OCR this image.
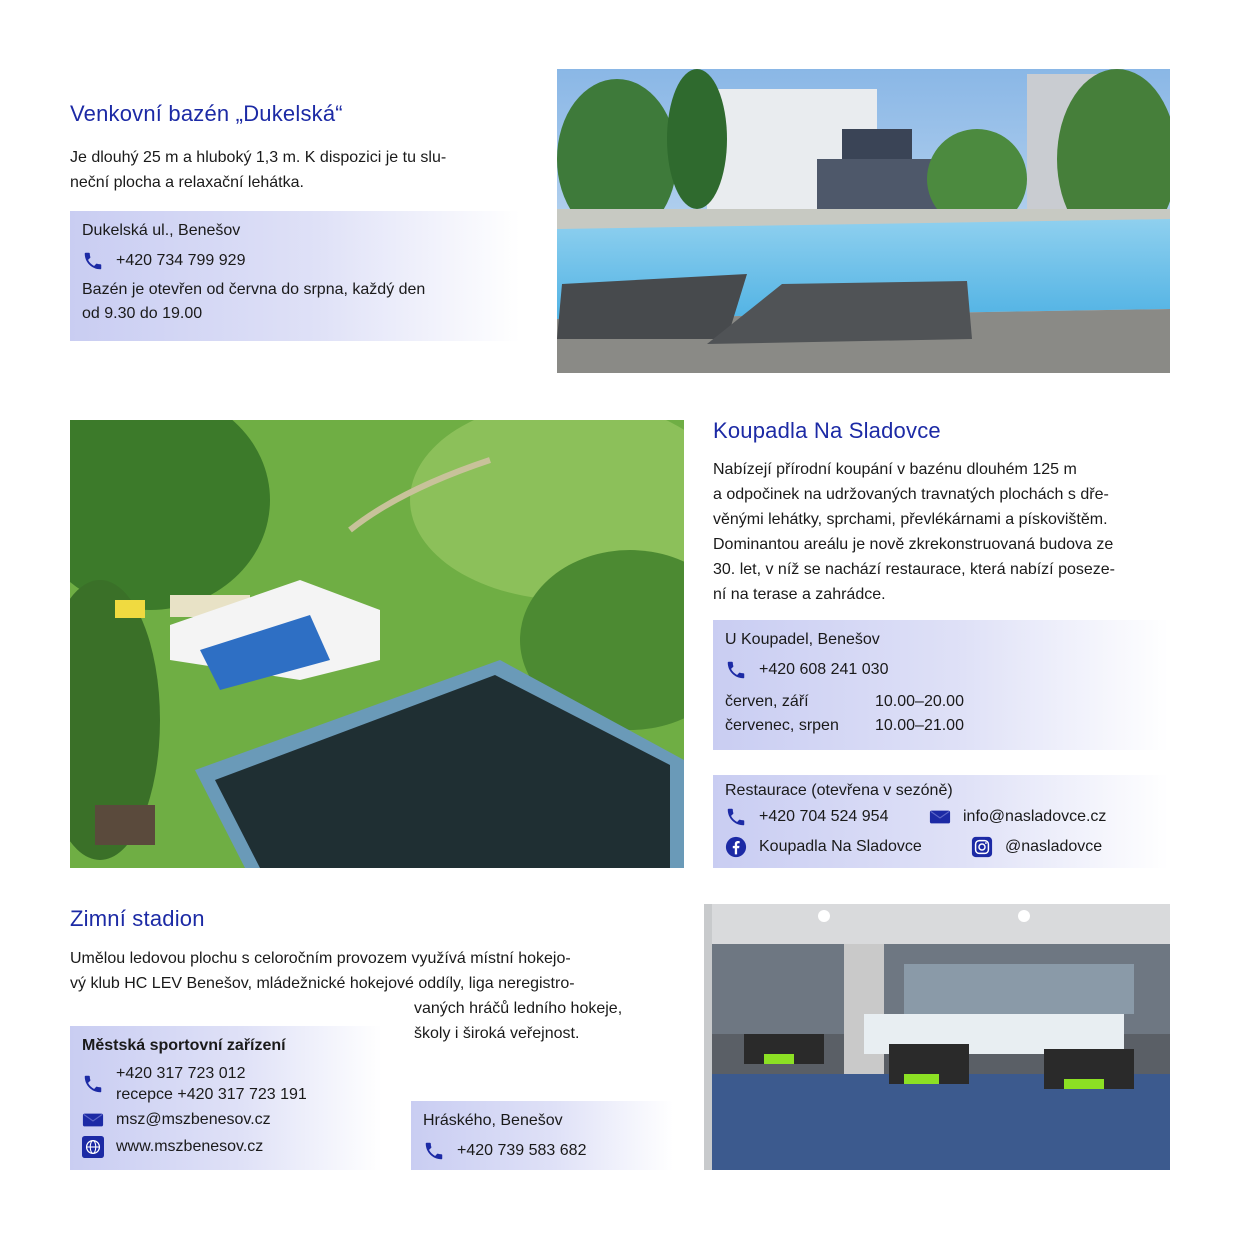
Venkovní bazén „Dukelská“
Je dlouhý 25 m a hluboký 1,3 m. K dispozici je tu slu-
neční plocha a relaxační lehátka.
Dukelská ul., Benešov
+420 734 799 929
Bazén je otevřen od června do srpna, každý den
od 9.30 do 19.00
Koupadla Na Sladovce
Nabízejí přírodní koupání v bazénu dlouhém 125 m
a odpočinek na udržovaných travnatých plochách s dře-
věnými lehátky, sprchami, převlékárnami a pískovištěm.
Dominantou areálu je nově zkrekonstruovaná budova ze
30. let, v níž se nachází restaurace, která nabízí poseze-
ní na terase a zahrádce.
U Koupadel, Benešov
+420 608 241 030
červen, září	10.00–20.00
červenec, srpen	10.00–21.00
Restaurace (otevřena v sezóně)
+420 704 524 954	info@nasladovce.cz
Koupadla Na Sladovce	@nasladovce
Zimní stadion
Umělou ledovou plochu s celoročním provozem využívá místní hokejo-
vý klub HC LEV Benešov, mládežnické hokejové oddíly, liga neregistro-
vaných hráčů ledního hokeje,
školy i široká veřejnost.
Městská sportovní zařízení
+420 317 723 012
recepce +420 317 723 191
msz@mszbenesov.cz
www.mszbenesov.cz
Hráského, Benešov
+420 739 583 682
